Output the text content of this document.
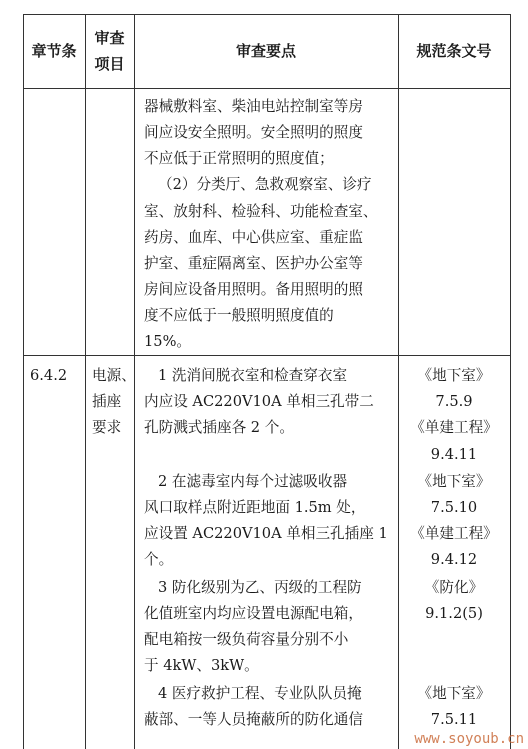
章节条
审查
项目
审查要点	规范条文号
器械敷料室、柴油电站控制室等房
间应设安全照明。安全照明的照度
不应低于正常照明的照度值；
（2）分类厅、急救观察室、诊疗
室、放射科、检验科、功能检查室、
药房、血库、中心供应室、重症监
护室、重症隔离室、医护办公室等
房间应设备用照明。备用照明的照
度不应低于一般照明照度值的
15%。
6.4.2 电源、
插座
要求
1 洗消间脱衣室和检查穿衣室
内应设 AC220V10A 单相三孔带二
孔防溅式插座各 2 个。
2 在滤毒室内每个过滤吸收器
风口取样点附近距地面 1.5m 处，
应设置 AC220V10A 单相三孔插座 1
个。
3 防化级别为乙、丙级的工程防
化值班室内均应设置电源配电箱，
配电箱按一级负荷容量分别不小
于 4kW、3kW。
4 医疗救护工程、专业队队员掩
蔽部、一等人员掩蔽所的防化通信
《地下室》
7.5.9
《单建工程》
9.4.11
《地下室》
7.5.10
《单建工程》
9.4.12
《防化》
9.1.2(5)
《地下室》
7.5.11
www.soyoub.cn
